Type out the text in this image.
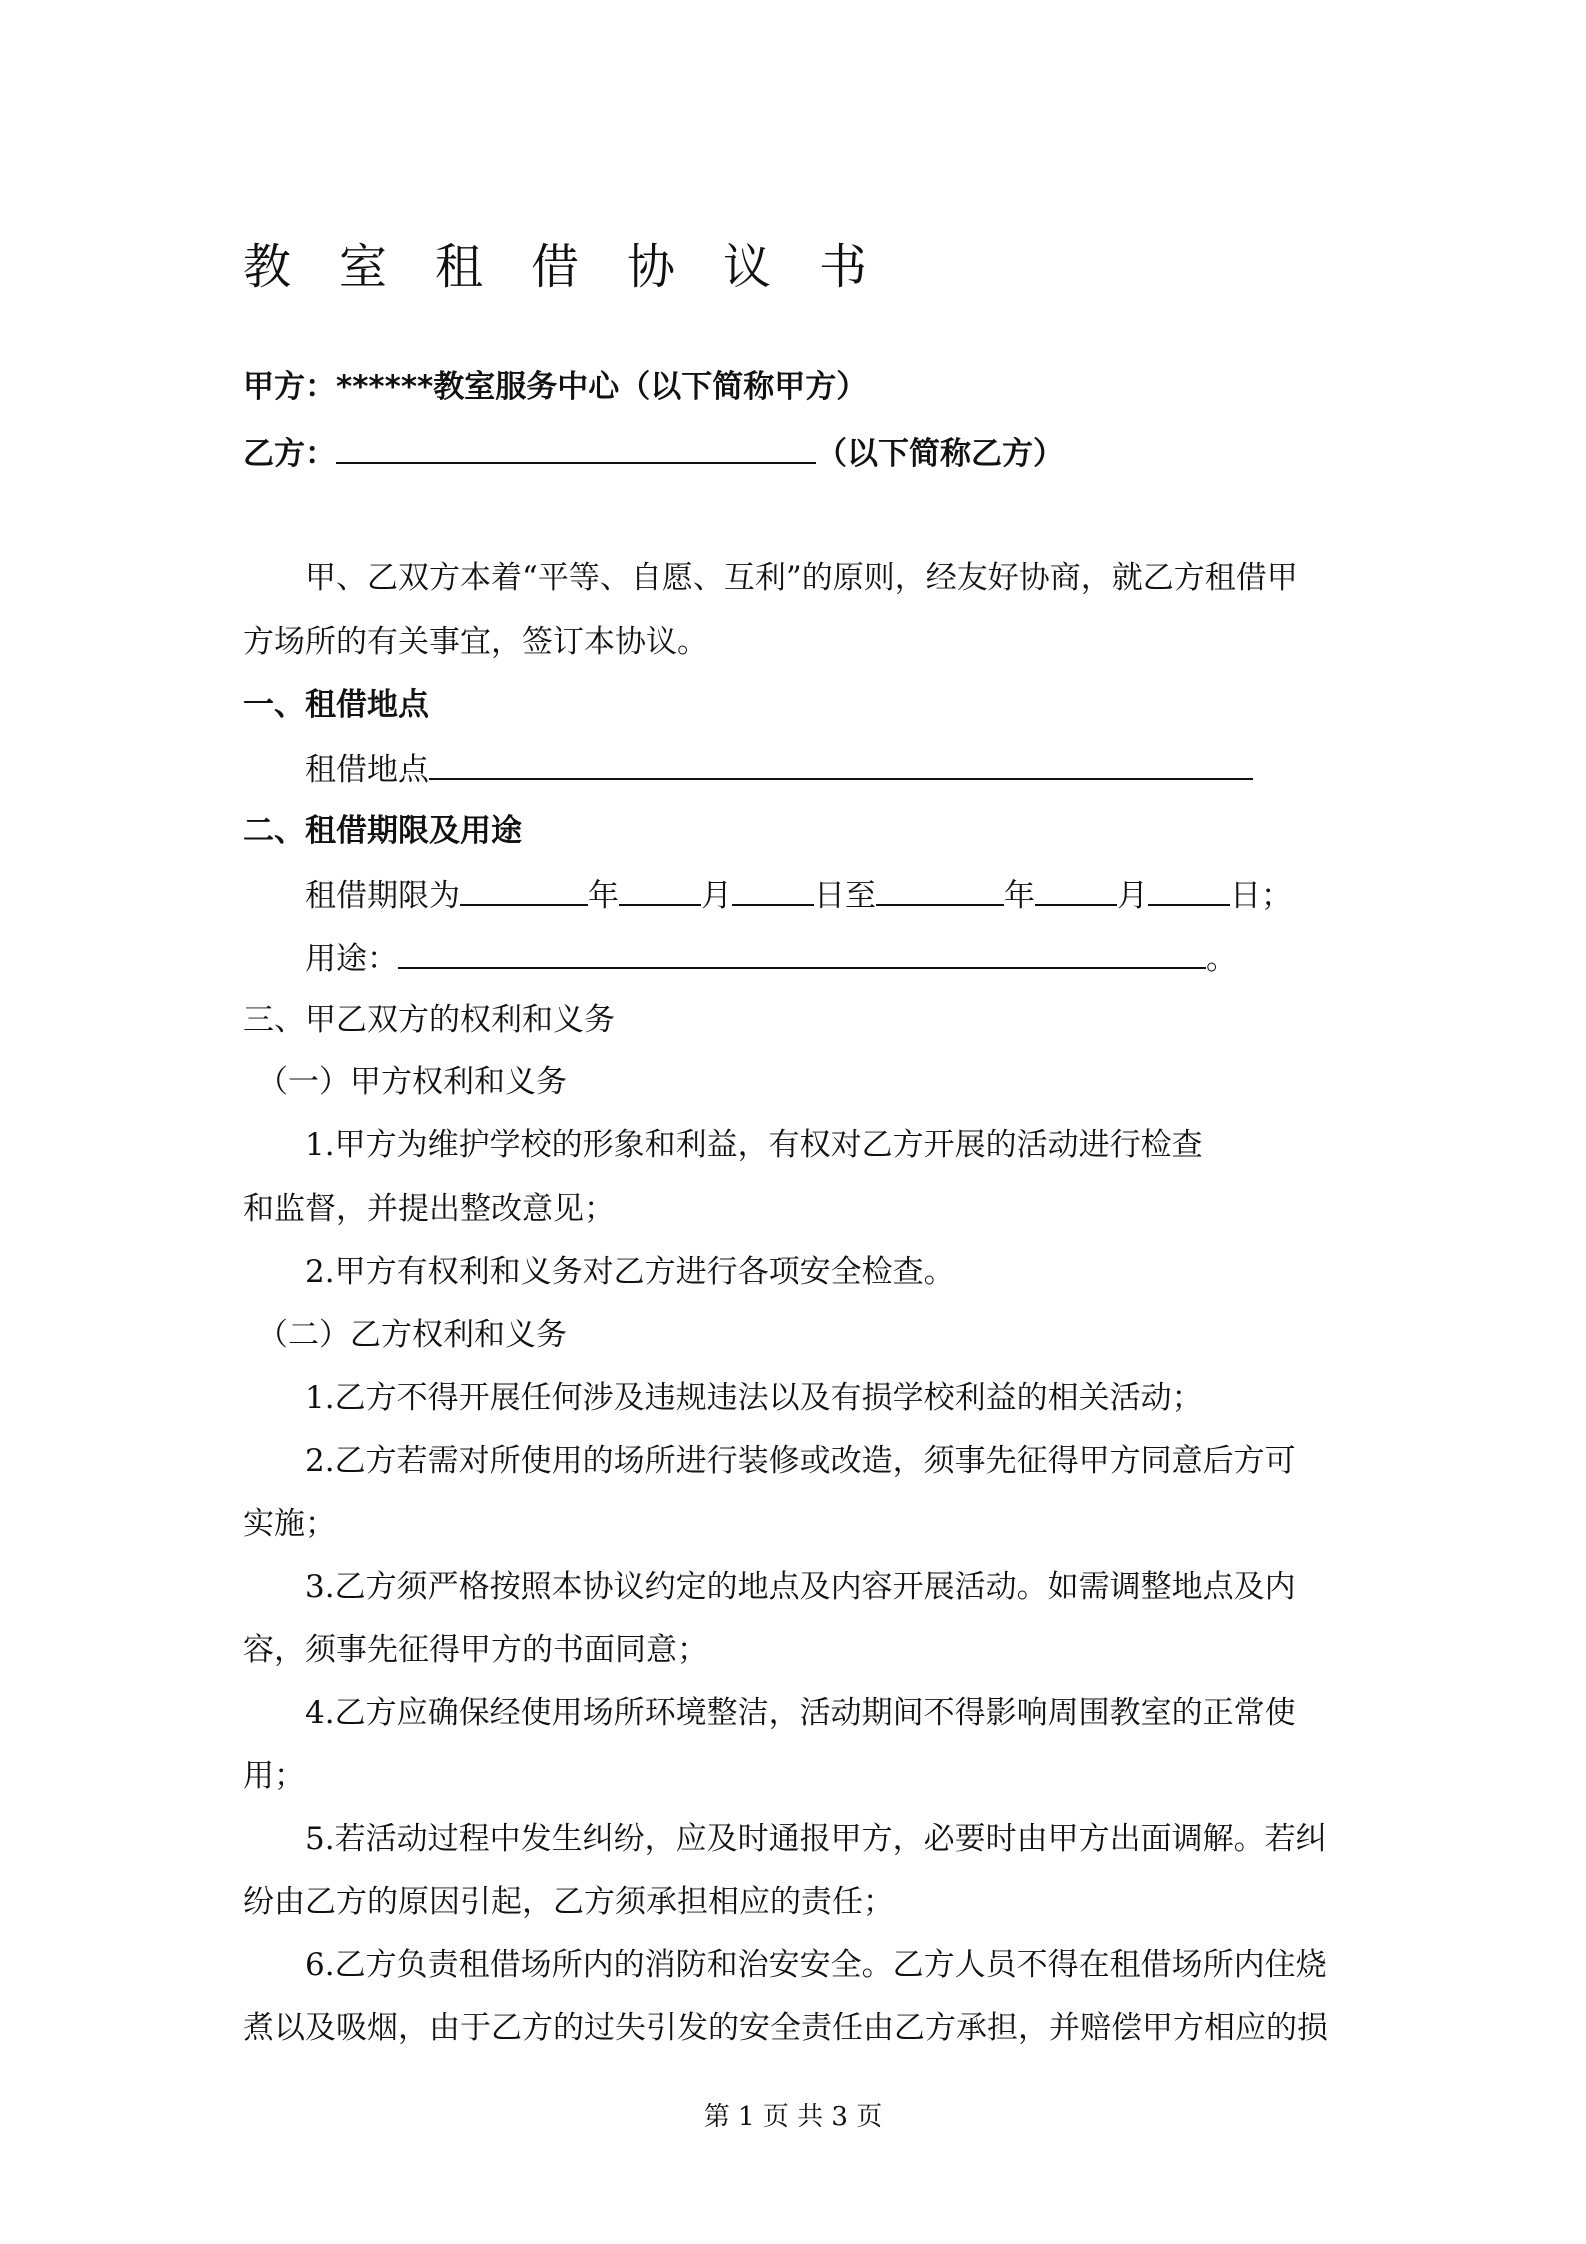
教室租借协议书
甲方：******教室服务中心（以下简称甲方）
乙方：	（以下简称乙方）
甲、乙双方本着“平等、自愿、互利”的原则，经友好协商，就乙方租借甲
方场所的有关事宜，签订本协议。
一、租借地点
租借地点
二、租借期限及用途
租借期限为	年	月	日至	年	月	日；
用途：	。
三、甲乙双方的权利和义务
（一）甲方权利和义务
1.甲方为维护学校的形象和利益，有权对乙方开展的活动进行检查
和监督，并提出整改意见；
2.甲方有权利和义务对乙方进行各项安全检查。
（二）乙方权利和义务
1.乙方不得开展任何涉及违规违法以及有损学校利益的相关活动；
2.乙方若需对所使用的场所进行装修或改造，须事先征得甲方同意后方可
实施；
3.乙方须严格按照本协议约定的地点及内容开展活动。如需调整地点及内
容，须事先征得甲方的书面同意；
4.乙方应确保经使用场所环境整洁，活动期间不得影响周围教室的正常使
用；
5.若活动过程中发生纠纷，应及时通报甲方，必要时由甲方出面调解。若纠
纷由乙方的原因引起，乙方须承担相应的责任；
6.乙方负责租借场所内的消防和治安安全。乙方人员不得在租借场所内住烧
煮以及吸烟，由于乙方的过失引发的安全责任由乙方承担，并赔偿甲方相应的损
第 1 页 共 3 页
